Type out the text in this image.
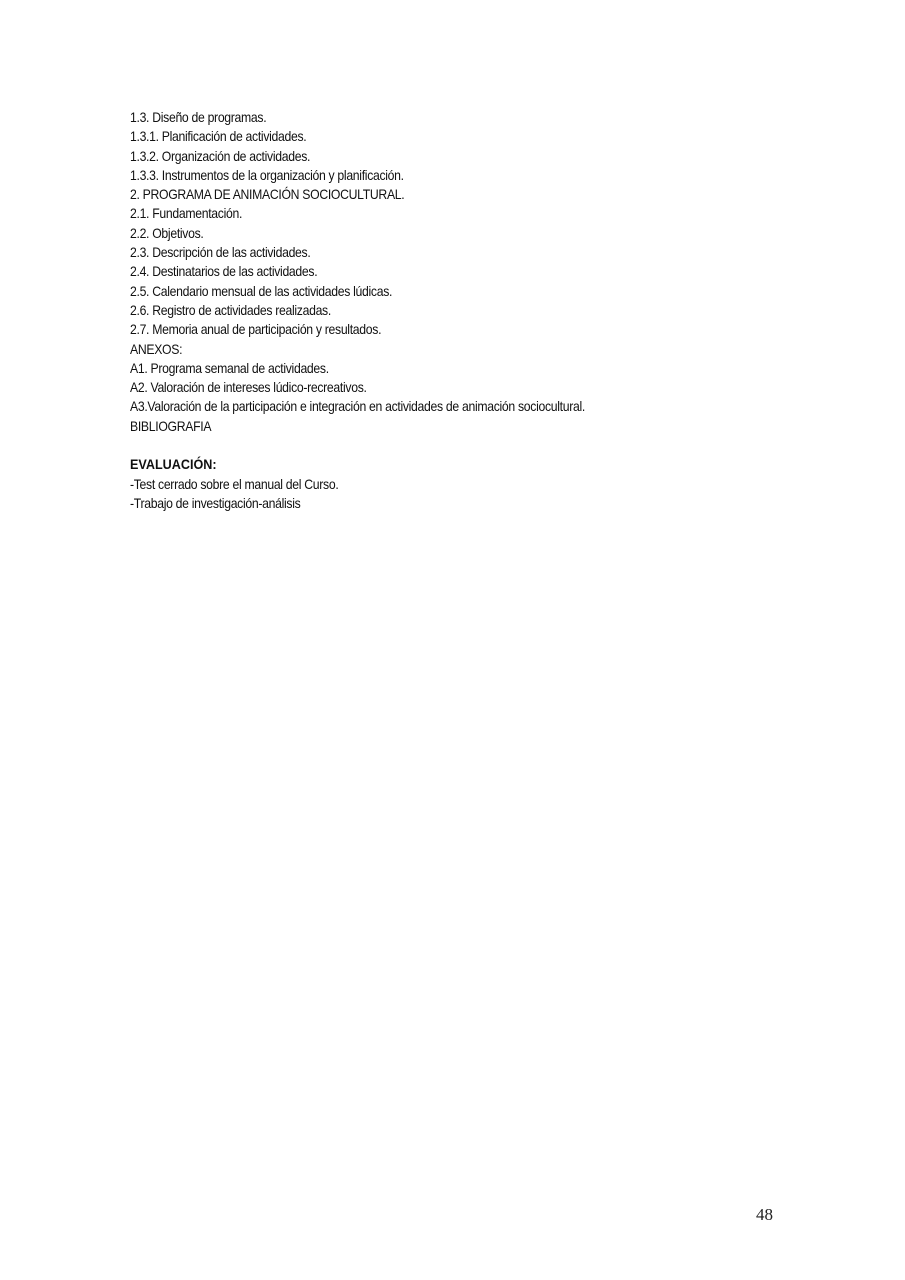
1.3. Diseño de programas.
1.3.1. Planificación de actividades.
1.3.2. Organización de actividades.
1.3.3. Instrumentos de la organización y planificación.
2. PROGRAMA DE ANIMACIÓN SOCIOCULTURAL.
2.1. Fundamentación.
2.2. Objetivos.
2.3. Descripción de las actividades.
2.4. Destinatarios de las actividades.
2.5. Calendario mensual de las actividades lúdicas.
2.6. Registro de actividades realizadas.
2.7. Memoria anual de participación y resultados.
ANEXOS:
A1. Programa semanal de actividades.
A2. Valoración de intereses lúdico-recreativos.
A3.Valoración de la participación e integración en actividades de animación sociocultural.
BIBLIOGRAFIA
EVALUACIÓN:
-Test cerrado sobre el manual del Curso.
-Trabajo de investigación-análisis
48
